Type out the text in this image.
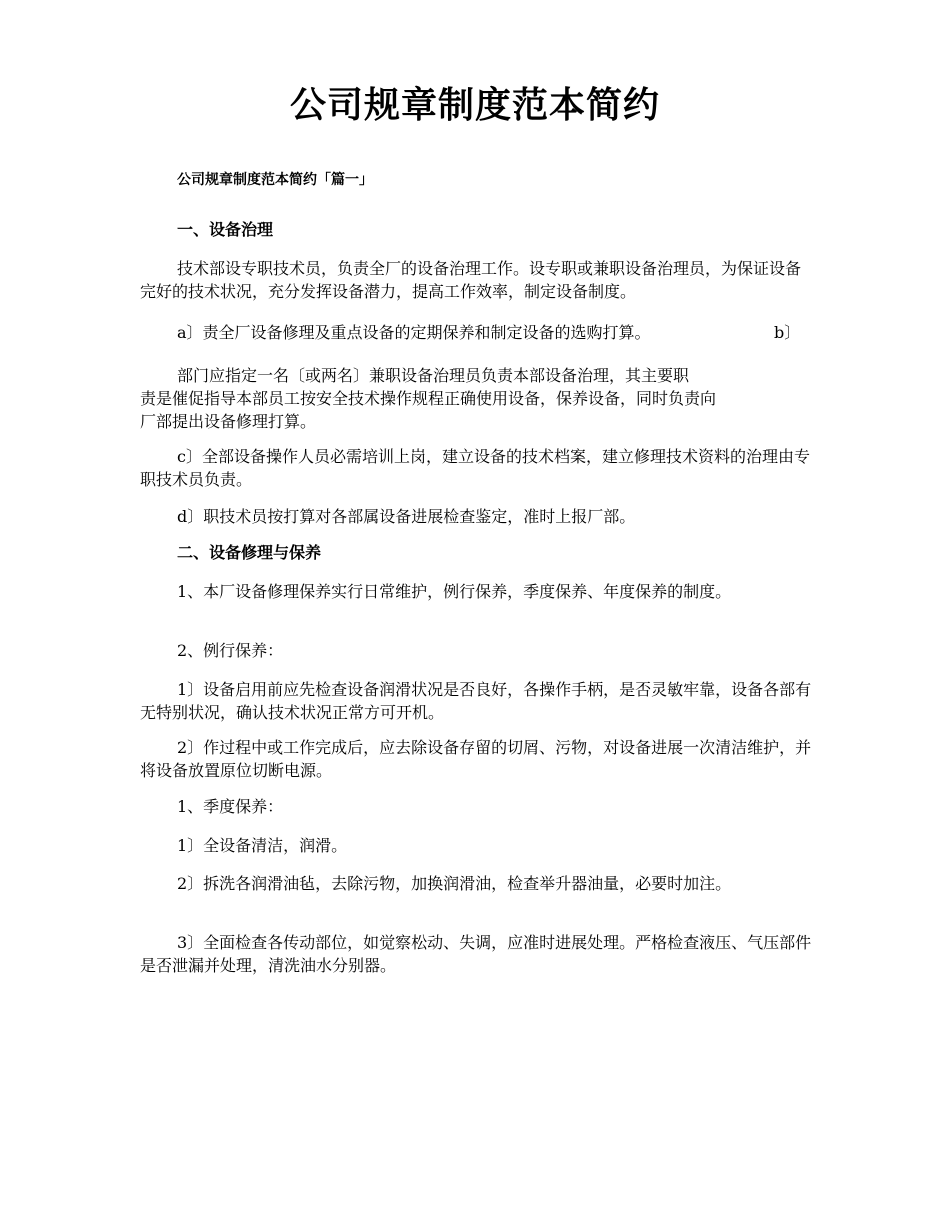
公司规章制度范本简约
公司规章制度范本简约「篇一」
一、设备治理

技术部设专职技术员，负责全厂的设备治理工作。设专职或兼职设备治理员，为保证设备完好的技术状况，充分发挥设备潜力，提高工作效率，制定设备制度。

a〕责全厂设备修理及重点设备的定期保养和制定设备的选购打算。	b〕
部门应指定一名〔或两名〕兼职设备治理员负责本部设备治理，其主要职
责是催促指导本部员工按安全技术操作规程正确使用设备，保养设备，同时负责向
厂部提出设备修理打算。

c〕全部设备操作人员必需培训上岗，建立设备的技术档案，建立修理技术资料的治理由专职技术员负责。

d〕职技术员按打算对各部属设备进展检查鉴定，准时上报厂部。
二、设备修理与保养

1、本厂设备修理保养实行日常维护，例行保养，季度保养、年度保养的制度。

2、例行保养：

1〕设备启用前应先检查设备润滑状况是否良好，各操作手柄，是否灵敏牢靠，设备各部有无特别状况，确认技术状况正常方可开机。

2〕作过程中或工作完成后，应去除设备存留的切屑、污物，对设备进展一次清洁维护，并将设备放置原位切断电源。

1、季度保养：
1〕全设备清洁，润滑。

2〕拆洗各润滑油毡，去除污物，加换润滑油，检查举升器油量，必要时加注。

3〕全面检查各传动部位，如觉察松动、失调，应准时进展处理。严格检查液压、气压部件是否泄漏并处理，清洗油水分别器。
